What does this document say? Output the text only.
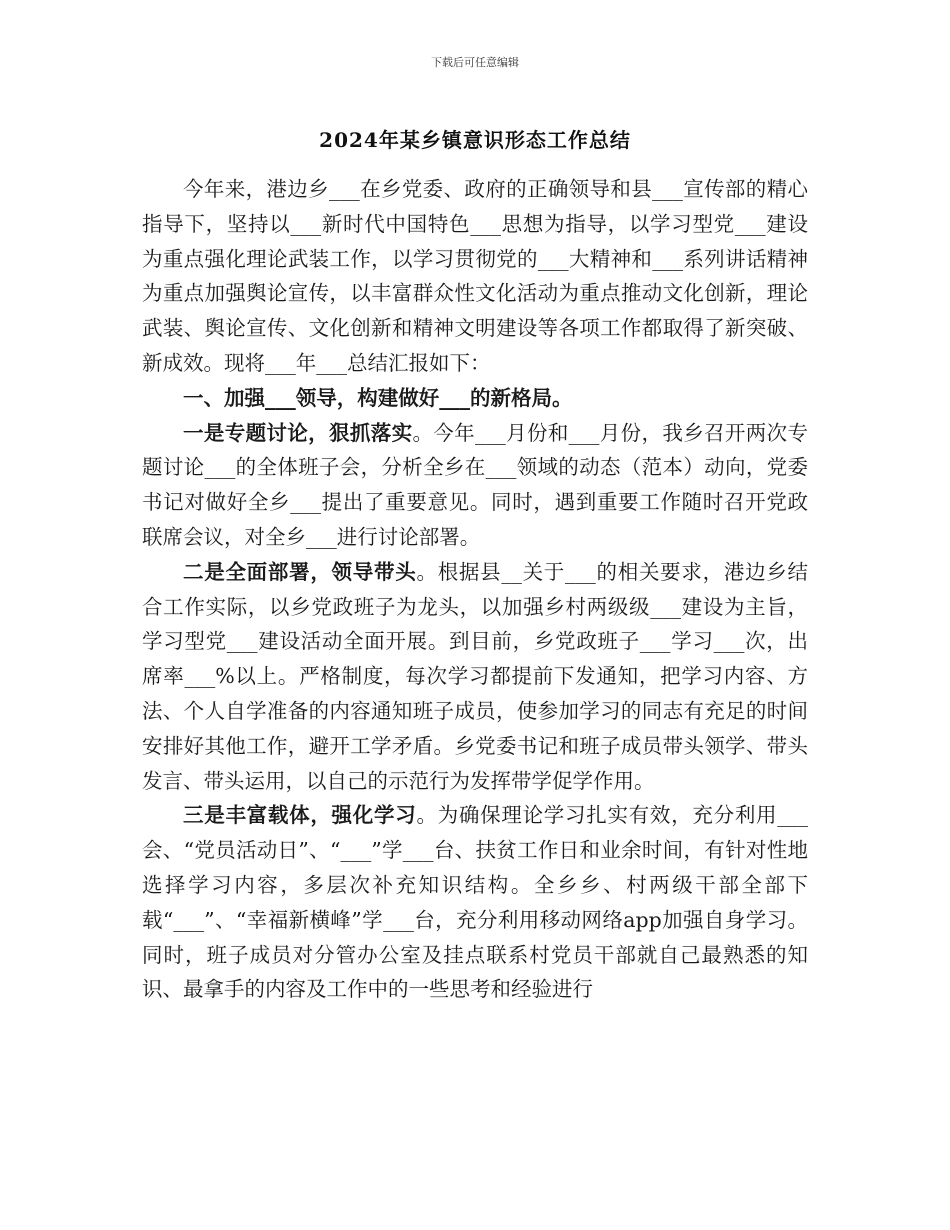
下载后可任意编辑
2024年某乡镇意识形态工作总结

今年来，港边乡___在乡党委、政府的正确领导和县___宣传部的精心指导下，坚持以___新时代中国特色___思想为指导，以学习型党___建设为重点强化理论武装工作，以学习贯彻党的___大精神和___系列讲话精神为重点加强舆论宣传，以丰富群众性文化活动为重点推动文化创新，理论武装、舆论宣传、文化创新和精神文明建设等各项工作都取得了新突破、新成效。现将___年___总结汇报如下：

一、加强___领导，构建做好___的新格局。

一是专题讨论，狠抓落实。今年___月份和___月份，我乡召开两次专题讨论___的全体班子会，分析全乡在___领域的动态（范本）动向，党委书记对做好全乡___提出了重要意见。同时，遇到重要工作随时召开党政联席会议，对全乡___进行讨论部署。

二是全面部署，领导带头。根据县__关于___的相关要求，港边乡结合工作实际，以乡党政班子为龙头，以加强乡村两级级___建设为主旨，学习型党___建设活动全面开展。到目前，乡党政班子___学习___次，出席率___%以上。严格制度，每次学习都提前下发通知，把学习内容、方法、个人自学准备的内容通知班子成员，使参加学习的同志有充足的时间安排好其他工作，避开工学矛盾。乡党委书记和班子成员带头领学、带头发言、带头运用，以自己的示范行为发挥带学促学作用。

三是丰富载体，强化学习。为确保理论学习扎实有效，充分利用___会、“党员活动日”、“___”学___台、扶贫工作日和业余时间，有针对性地选择学习内容，多层次补充知识结构。全乡乡、村两级干部全部下载“___”、“幸福新横峰”学___台，充分利用移动网络app加强自身学习。同时，班子成员对分管办公室及挂点联系村党员干部就自己最熟悉的知识、最拿手的内容及工作中的一些思考和经验进行
